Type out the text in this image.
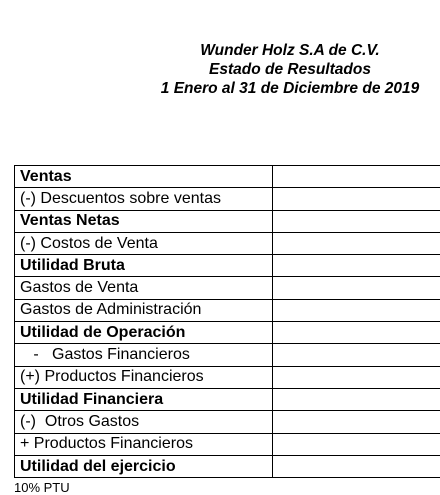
Wunder Holz S.A de C.V.
Estado de Resultados
1 Enero al 31 de Diciembre de 2019
Ventas	
(-) Descuentos sobre ventas	
Ventas Netas	
(-) Costos de Venta	
Utilidad Bruta	
Gastos de Venta	
Gastos de Administración	
Utilidad de Operación	
-   Gastos Financieros	
(+) Productos Financieros	
Utilidad Financiera	
(-)  Otros Gastos	
+ Productos Financieros	
Utilidad del ejercicio	
10% PTU
